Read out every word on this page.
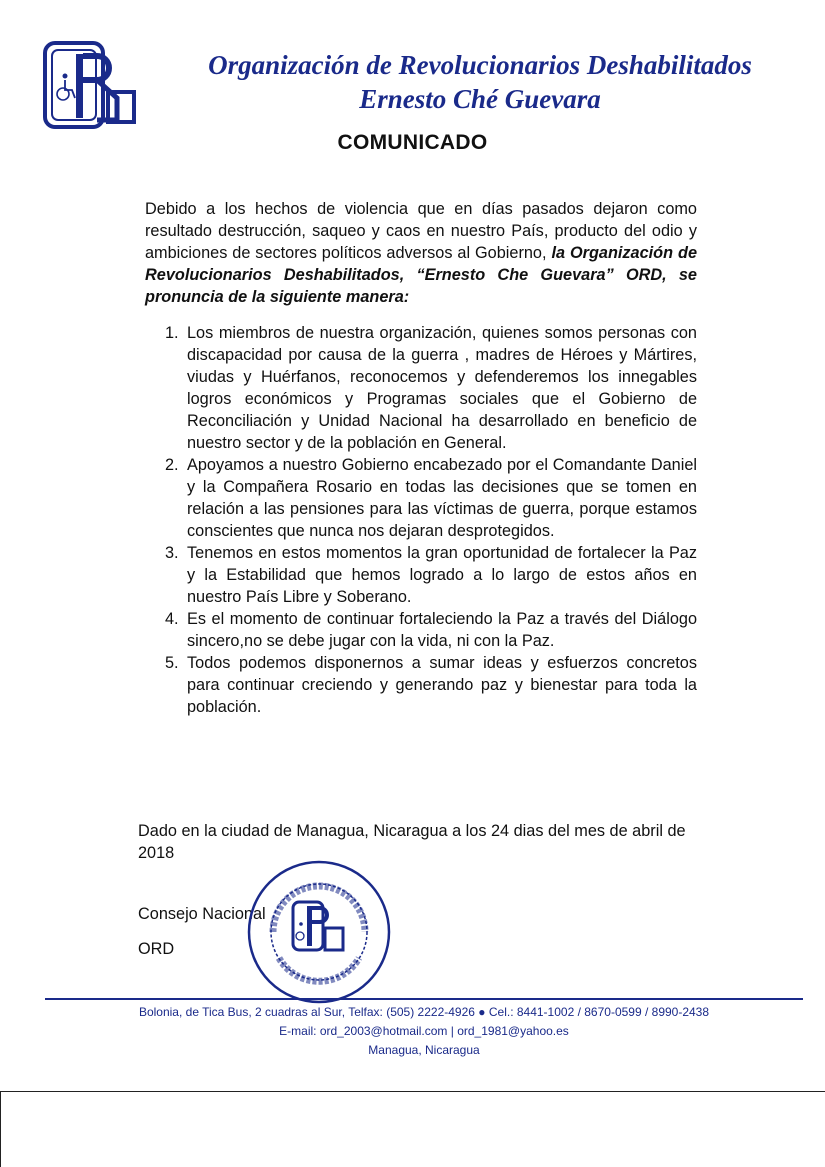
Organización de Revolucionarios Deshabilitados
Ernesto Ché Guevara
COMUNICADO

Debido a los hechos de violencia que en días pasados dejaron como resultado destrucción, saqueo y caos en nuestro País, producto del odio y ambiciones de sectores políticos adversos al Gobierno, la Organización de Revolucionarios Deshabilitados, “Ernesto Che Guevara” ORD, se pronuncia de la siguiente manera:

1. Los miembros de nuestra organización, quienes somos personas con discapacidad por causa de la guerra , madres de Héroes y Mártires, viudas y Huérfanos, reconocemos y defenderemos los innegables logros económicos y Programas sociales que el Gobierno de Reconciliación y Unidad Nacional ha desarrollado en beneficio de nuestro sector y de la población en General.
2. Apoyamos a nuestro Gobierno encabezado por el Comandante Daniel y la Compañera Rosario en todas las decisiones que se tomen en relación a las pensiones para las víctimas de guerra, porque estamos conscientes que nunca nos dejaran desprotegidos.
3. Tenemos en estos momentos la gran oportunidad de fortalecer la Paz y la Estabilidad que hemos logrado a lo largo de estos años en nuestro País Libre y Soberano.
4. Es el momento de continuar fortaleciendo la Paz a través del Diálogo sincero,no se debe jugar con la vida, ni con la Paz.
5. Todos podemos disponernos a sumar ideas y esfuerzos concretos para continuar creciendo y generando paz y bienestar para toda la población.

Dado en la ciudad de Managua, Nicaragua a los 24 dias del mes de abril de 2018

Consejo Nacional
ORD
Bolonia, de Tica Bus, 2 cuadras al Sur, Telfax: (505) 2222-4926 ● Cel.: 8441-1002 / 8670-0599 / 8990-2438
E-mail: ord_2003@hotmail.com | ord_1981@yahoo.es
Managua, Nicaragua
